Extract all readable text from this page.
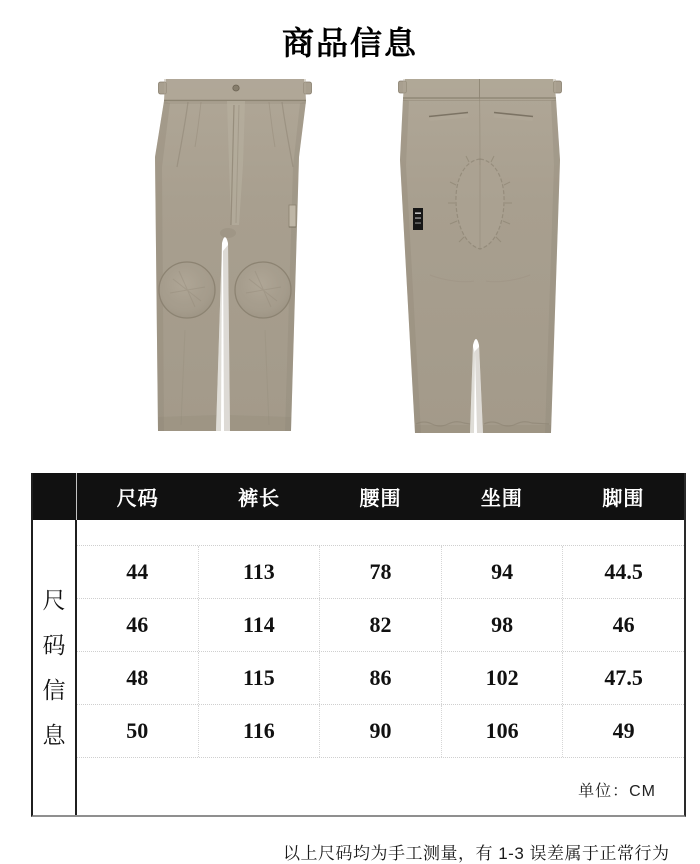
商品信息
尺码	裤长	腰围	坐围	脚围
尺
码
信
息
44	113	78	94	44.5
46	114	82	98	46
48	115	86	102	47.5
50	116	90	106	49
单位：CM
以上尺码均为手工测量，有 1-3 误差属于正常行为
